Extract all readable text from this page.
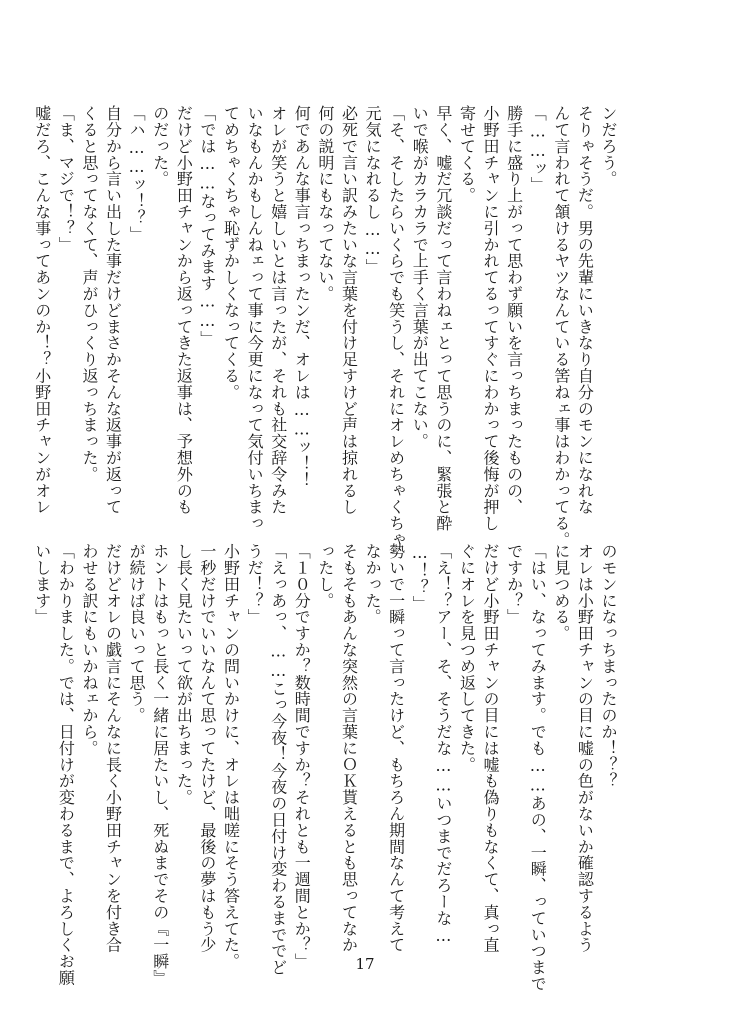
ンだろう。

そりゃそうだ。男の先輩にいきなり自分のモンになれな

んて言われて頷けるヤツなんている筈ねェ事はわかってる。

「……ッ」

勝手に盛り上がって思わず願いを言っちまったものの、

小野田チャンに引かれてるってすぐにわかって後悔が押し

寄せてくる。

早く、嘘だ冗談だって言わねェとって思うのに、緊張と酔

いで喉がカラカラで上手く言葉が出てこない。

「そ、そしたらいくらでも笑うし、それにオレめちゃくちゃ

元気になれるし……」

必死で言い訳みたいな言葉を付け足すけど声は掠れるし

何の説明にもなってない。

何であんな事言っちまったンだ、オレは……ッ！！

オレが笑うと嬉しいとは言ったが、それも社交辞令みた

いなもんかもしんねェって事に今更になって気付いちまっ

てめちゃくちゃ恥ずかしくなってくる。

「では……なってみます……」

だけど小野田チャンから返ってきた返事は、予想外のも

のだった。

「ハ……ッ！？」

自分から言い出した事だけどまさかそんな返事が返って

くると思ってなくて、声がひっくり返っちまった。

「ま、マジで！？」

嘘だろ、こんな事ってあンのか！？小野田チャンがオレ

のモンになっちまったのか！？？

オレは小野田チャンの目に嘘の色がないか確認するよう

に見つめる。

「はい、なってみます。でも……あの、一瞬、っていつまで

ですか？」

だけど小野田チャンの目には嘘も偽りもなくて、真っ直

ぐにオレを見つめ返してきた。

「え！？アー、そ、そうだな……いつまでだろーな…

…！？」

勢いで一瞬って言ったけど、もちろん期間なんて考えて

なかった。

そもそもあんな突然の言葉にＯＫ貰えるとも思ってなか

ったし。

「１０分ですか？数時間ですか？それとも一週間とか？」

「えっあっ、……こっ今夜！今夜の日付け変わるまででど

うだ！？」

小野田チャンの問いかけに、オレは咄嗟にそう答えてた。

一秒だけでいいなんて思ってたけど、最後の夢はもう少

し長く見たいって欲が出ちまった。

ホントはもっと長く一緒に居たいし、死ぬまでその『一瞬』

が続けば良いって思う。

だけどオレの戯言にそんなに長く小野田チャンを付き合

わせる訳にもいかねェから。

「わかりました。では、日付けが変わるまで、よろしくお願

いします」

17
